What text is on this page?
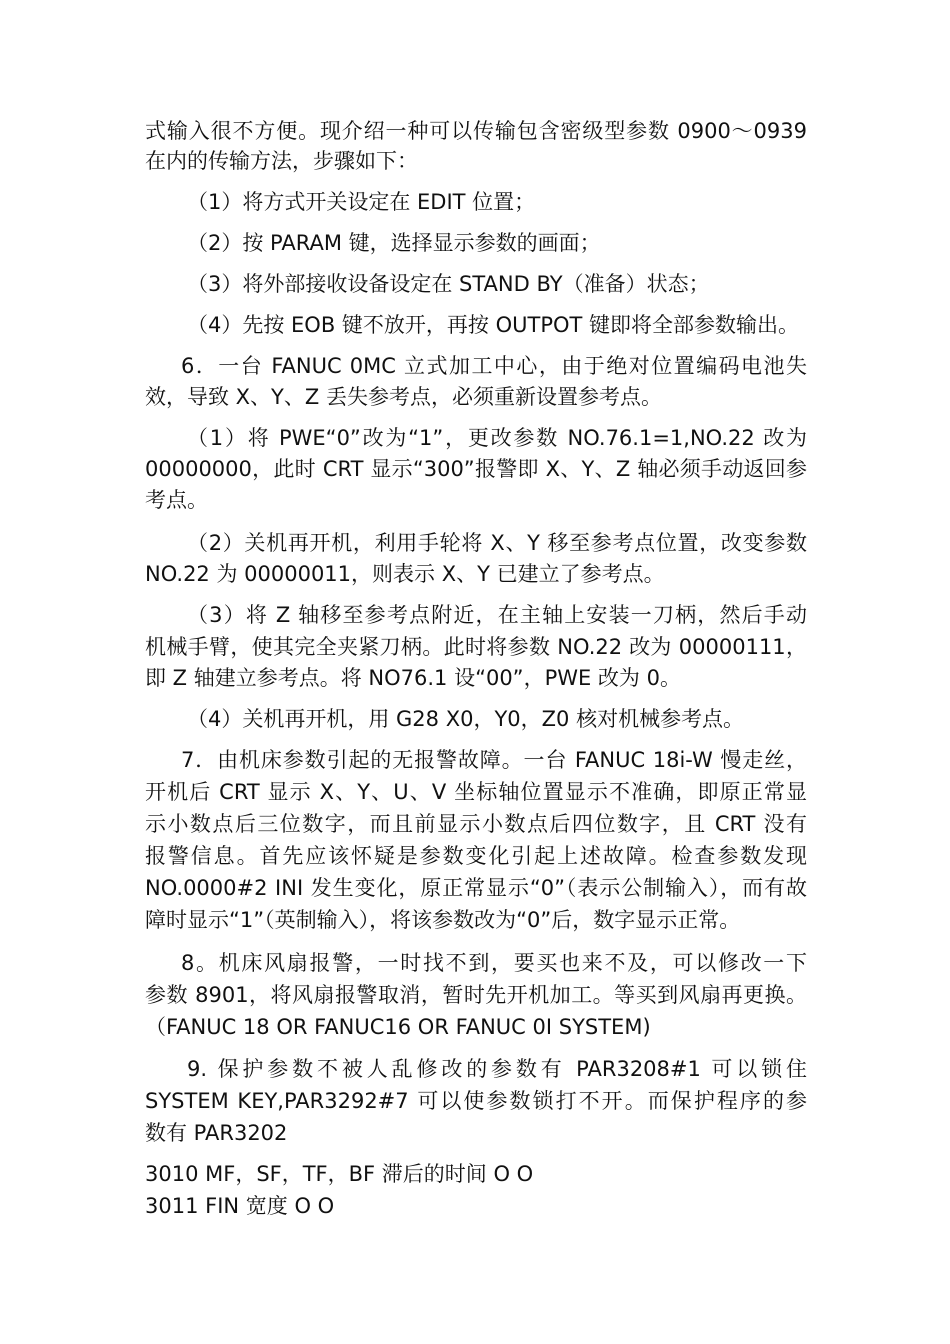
式输入很不方便。现介绍一种可以传输包含密级型参数 0900～0939
在内的传输方法，步骤如下：
（1）将方式开关设定在 EDIT 位置；
（2）按 PARAM 键，选择显示参数的画面；
（3）将外部接收设备设定在 STAND BY（准备）状态；
（4）先按 EOB 键不放开，再按 OUTPOT 键即将全部参数输出。
6．一台 FANUC 0MC 立式加工中心，由于绝对位置编码电池失
效，导致 X、Y、Z 丢失参考点，必须重新设置参考点。
（1）将 PWE“0”改为“1”，更改参数 NO.76.1=1,NO.22 改为
00000000，此时 CRT 显示“300”报警即 X、Y、Z 轴必须手动返回参
考点。
（2）关机再开机，利用手轮将 X、Y 移至参考点位置，改变参数
NO.22 为 00000011，则表示 X、Y 已建立了参考点。
（3）将 Z 轴移至参考点附近，在主轴上安装一刀柄，然后手动
机械手臂，使其完全夹紧刀柄。此时将参数 NO.22 改为 00000111，
即 Z 轴建立参考点。将 NO76.1 设“00”，PWE 改为 0。
（4）关机再开机，用 G28 X0，Y0，Z0 核对机械参考点。
7．由机床参数引起的无报警故障。一台 FANUC 18i-W 慢走丝，
开机后 CRT 显示 X、Y、U、V 坐标轴位置显示不准确，即原正常显
示小数点后三位数字，而且前显示小数点后四位数字，且 CRT 没有
报警信息。首先应该怀疑是参数变化引起上述故障。检查参数发现
NO.0000#2 INI 发生变化，原正常显示“0”（表示公制输入），而有故
障时显示“1”（英制输入），将该参数改为“0”后，数字显示正常。
8。机床风扇报警，一时找不到，要买也来不及，可以修改一下
参数 8901，将风扇报警取消，暂时先开机加工。等买到风扇再更换。
（FANUC 18 OR FANUC16 OR FANUC 0I SYSTEM)
9. 保护参数不被人乱修改的参数有 PAR3208#1 可以锁住
SYSTEM KEY,PAR3292#7 可以使参数锁打不开。而保护程序的参
数有 PAR3202
3010 MF，SF，TF，BF 滞后的时间 O O
3011 FIN 宽度 O O
